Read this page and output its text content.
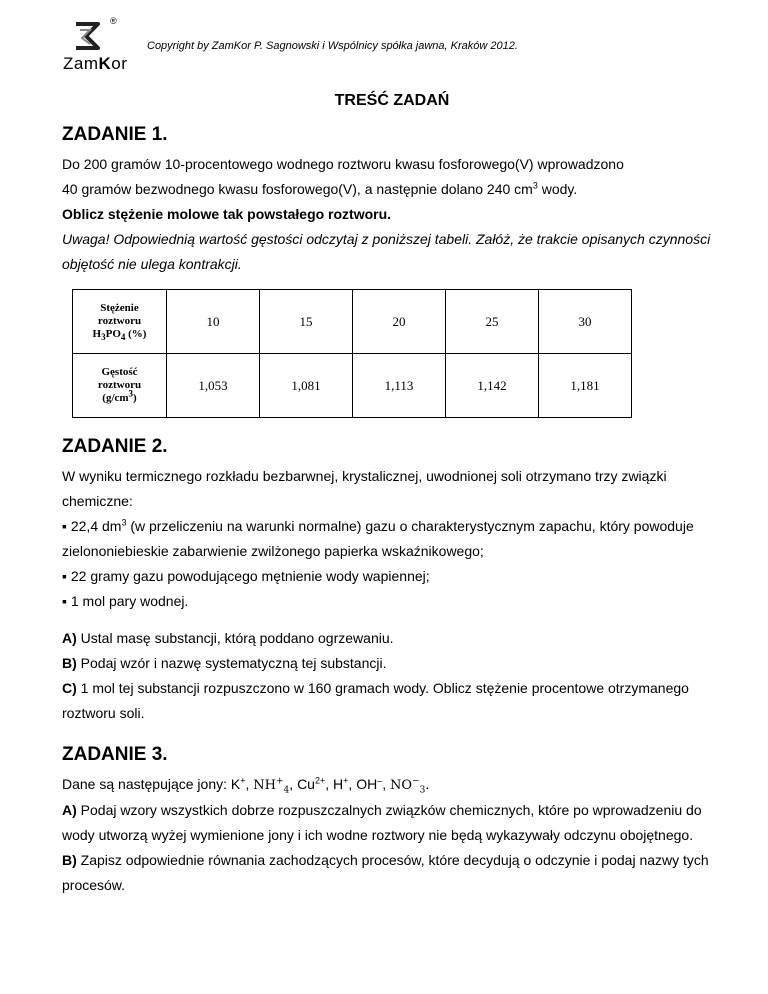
®
ZamKor
Copyright by ZamKor P. Sagnowski i Wspólnicy spółka jawna, Kraków 2012.
TREŚĆ ZADAŃ
ZADANIE 1.

Do 200 gramów 10-procentowego wodnego roztworu kwasu fosforowego(V) wprowadzono

40 gramów bezwodnego kwasu fosforowego(V), a następnie dolano 240 $cm^3$ wody.

Oblicz stężenie molowe tak powstałego roztworu.

Uwaga! Odpowiednią wartość gęstości odczytaj z poniższej tabeli. Załóż, że trakcie opisanych czynności objętość nie ulega kontrakcji.

Stężenie
roztworu
$H_3PO_4$ (%)	10	15	20	25	30
Gęstość
roztworu
$(g/cm^3)$	1,053	1,081	1,113	1,142	1,181
ZADANIE 2.

W wyniku termicznego rozkładu bezbarwnej, krystalicznej, uwodnionej soli otrzymano trzy związki chemiczne:

▪ 22,4 $dm^3$ (w przeliczeniu na warunki normalne) gazu o charakterystycznym zapachu, który powoduje zielononiebieskie zabarwienie zwilżonego papierka wskaźnikowego;

▪ 22 gramy gazu powodującego mętnienie wody wapiennej;

▪ 1 mol pary wodnej.

A) Ustal masę substancji, którą poddano ogrzewaniu.

B) Podaj wzór i nazwę systematyczną tej substancji.

C) 1 mol tej substancji rozpuszczono w 160 gramach wody. Oblicz stężenie procentowe otrzymanego roztworu soli.

ZADANIE 3.

Dane są następujące jony: K+, $NH^+_4$, $Cu^{2+}$, H+, OH–, $NO^-_3$.

A) Podaj wzory wszystkich dobrze rozpuszczalnych związków chemicznych, które po wprowadzeniu do wody utworzą wyżej wymienione jony i ich wodne roztwory nie będą wykazywały odczynu obojętnego.

B) Zapisz odpowiednie równania zachodzących procesów, które decydują o odczynie i podaj nazwy tych procesów.
